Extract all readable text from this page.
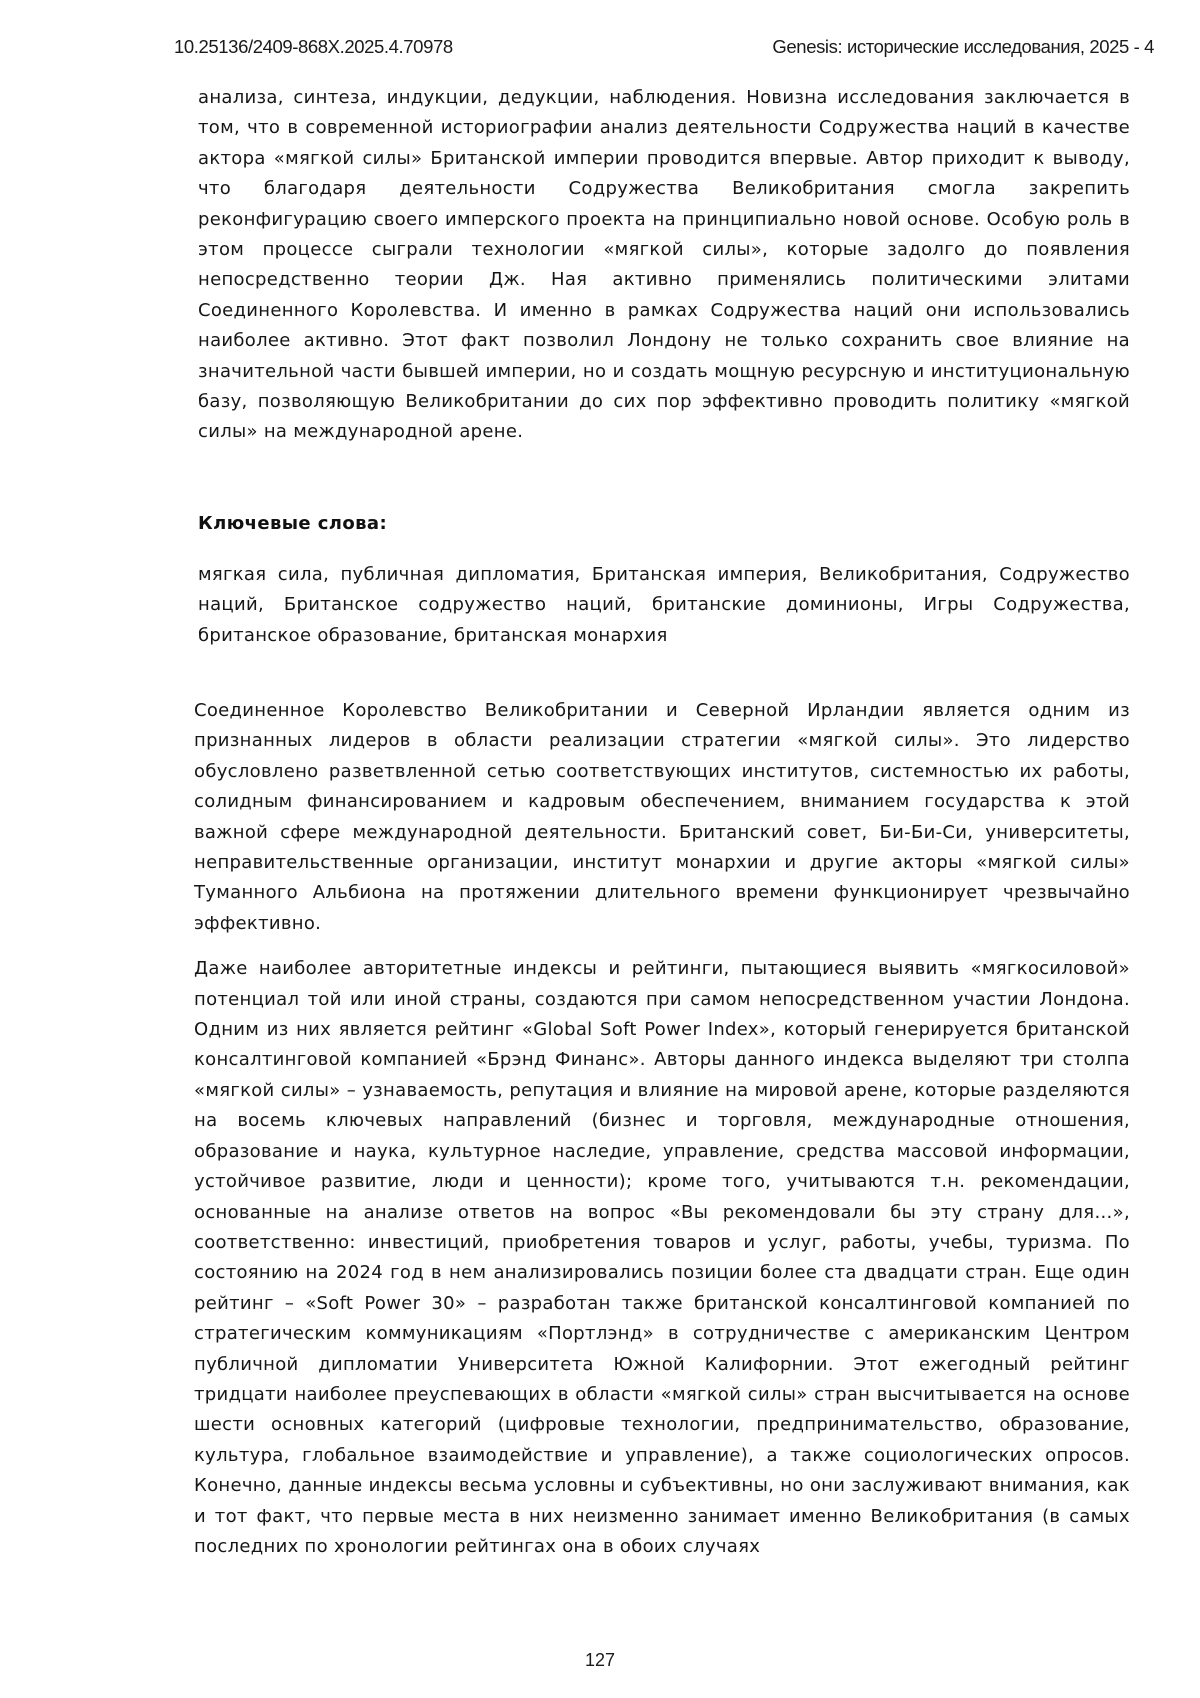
10.25136/2409-868X.2025.4.70978	Genesis: исторические исследования, 2025 - 4
анализа, синтеза, индукции, дедукции, наблюдения. Новизна исследования заключается в том, что в современной историографии анализ деятельности Содружества наций в качестве актора «мягкой силы» Британской империи проводится впервые. Автор приходит к выводу, что благодаря деятельности Содружества Великобритания смогла закрепить реконфигурацию своего имперского проекта на принципиально новой основе. Особую роль в этом процессе сыграли технологии «мягкой силы», которые задолго до появления непосредственно теории Дж. Ная активно применялись политическими элитами Соединенного Королевства. И именно в рамках Содружества наций они использовались наиболее активно. Этот факт позволил Лондону не только сохранить свое влияние на значительной части бывшей империи, но и создать мощную ресурсную и институциональную базу, позволяющую Великобритании до сих пор эффективно проводить политику «мягкой силы» на международной арене.
Ключевые слова:
мягкая сила, публичная дипломатия, Британская империя, Великобритания, Содружество наций, Британское содружество наций, британские доминионы, Игры Содружества, британское образование, британская монархия

Соединенное Королевство Великобритании и Северной Ирландии является одним из признанных лидеров в области реализации стратегии «мягкой силы». Это лидерство обусловлено разветвленной сетью соответствующих институтов, системностью их работы, солидным финансированием и кадровым обеспечением, вниманием государства к этой важной сфере международной деятельности. Британский совет, Би-Би-Си, университеты, неправительственные организации, институт монархии и другие акторы «мягкой силы» Туманного Альбиона на протяжении длительного времени функционирует чрезвычайно эффективно.

Даже наиболее авторитетные индексы и рейтинги, пытающиеся выявить «мягкосиловой» потенциал той или иной страны, создаются при самом непосредственном участии Лондона. Одним из них является рейтинг «Global Soft Power Index», который генерируется британской консалтинговой компанией «Брэнд Финанс». Авторы данного индекса выделяют три столпа «мягкой силы» – узнаваемость, репутация и влияние на мировой арене, которые разделяются на восемь ключевых направлений (бизнес и торговля, международные отношения, образование и наука, культурное наследие, управление, средства массовой информации, устойчивое развитие, люди и ценности); кроме того, учитываются т.н. рекомендации, основанные на анализе ответов на вопрос «Вы рекомендовали бы эту страну для…», соответственно: инвестиций, приобретения товаров и услуг, работы, учебы, туризма. По состоянию на 2024 год в нем анализировались позиции более ста двадцати стран. Еще один рейтинг – «Soft Power 30» – разработан также британской консалтинговой компанией по стратегическим коммуникациям «Портлэнд» в сотрудничестве с американским Центром публичной дипломатии Университета Южной Калифорнии. Этот ежегодный рейтинг тридцати наиболее преуспевающих в области «мягкой силы» стран высчитывается на основе шести основных категорий (цифровые технологии, предпринимательство, образование, культура, глобальное взаимодействие и управление), а также социологических опросов. Конечно, данные индексы весьма условны и субъективны, но они заслуживают внимания, как и тот факт, что первые места в них неизменно занимает именно Великобритания (в самых последних по хронологии рейтингах она в обоих случаях

127
